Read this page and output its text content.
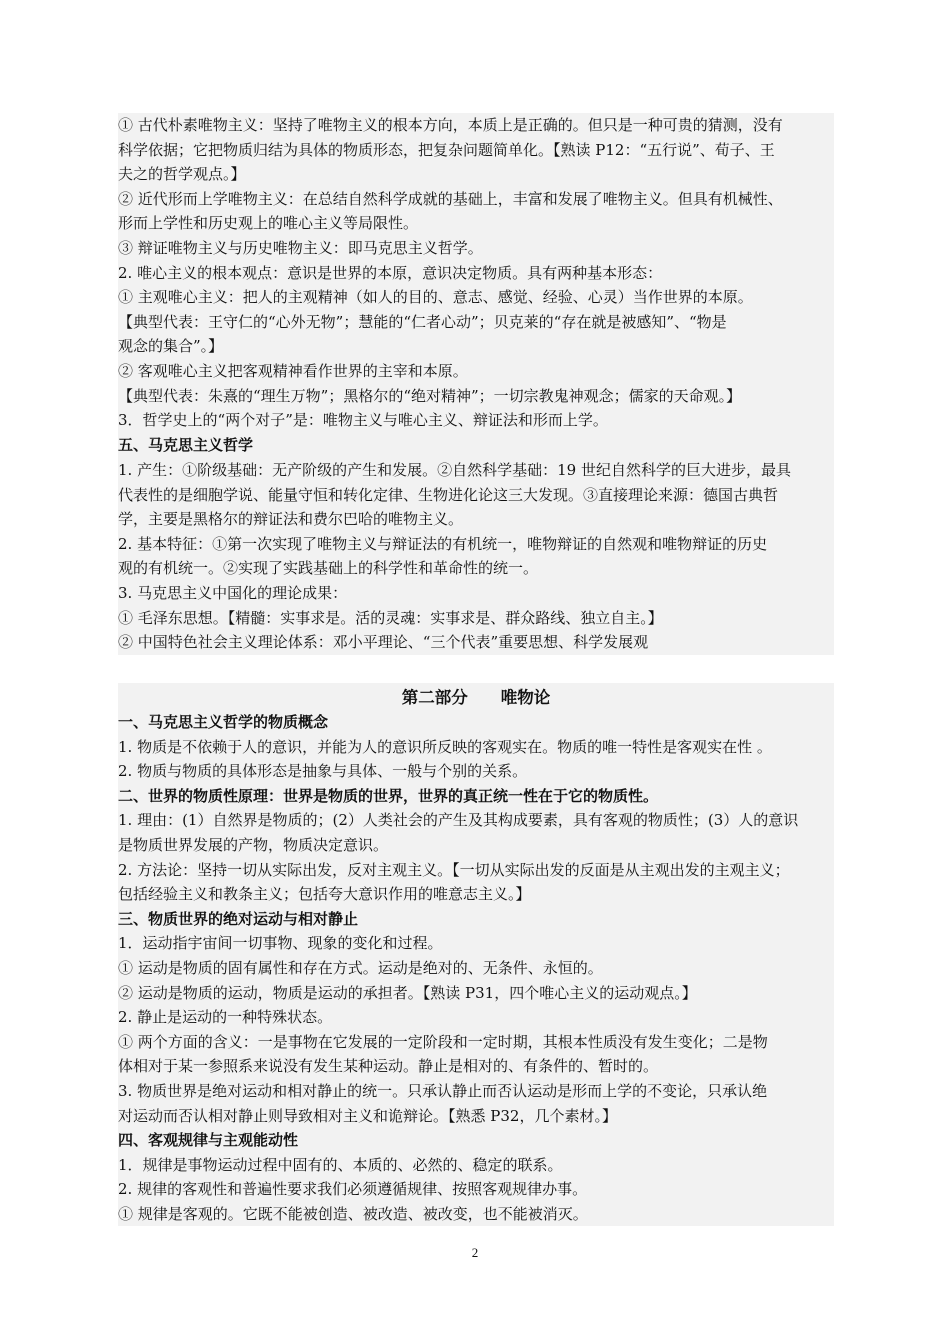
① 古代朴素唯物主义：坚持了唯物主义的根本方向，本质上是正确的。但只是一种可贵的猜测，没有
科学依据；它把物质归结为具体的物质形态，把复杂问题简单化。【熟读 P12：“五行说”、荀子、王
夫之的哲学观点。】
② 近代形而上学唯物主义：在总结自然科学成就的基础上，丰富和发展了唯物主义。但具有机械性、
形而上学性和历史观上的唯心主义等局限性。
③ 辩证唯物主义与历史唯物主义：即马克思主义哲学。
2. 唯心主义的根本观点：意识是世界的本原，意识决定物质。具有两种基本形态：
① 主观唯心主义：把人的主观精神（如人的目的、意志、感觉、经验、心灵）当作世界的本原。
【典型代表：王守仁的“心外无物”；慧能的“仁者心动”；贝克莱的“存在就是被感知”、“物是
观念的集合”。】
② 客观唯心主义把客观精神看作世界的主宰和本原。
【典型代表：朱熹的“理生万物”；黑格尔的“绝对精神”；一切宗教鬼神观念；儒家的天命观。】
3．哲学史上的“两个对子”是：唯物主义与唯心主义、辩证法和形而上学。
五、马克思主义哲学
1. 产生：①阶级基础：无产阶级的产生和发展。②自然科学基础：19 世纪自然科学的巨大进步，最具
代表性的是细胞学说、能量守恒和转化定律、生物进化论这三大发现。③直接理论来源：德国古典哲
学，主要是黑格尔的辩证法和费尔巴哈的唯物主义。
2. 基本特征：①第一次实现了唯物主义与辩证法的有机统一，唯物辩证的自然观和唯物辩证的历史
观的有机统一。②实现了实践基础上的科学性和革命性的统一。
3. 马克思主义中国化的理论成果：
① 毛泽东思想。【精髓：实事求是。活的灵魂：实事求是、群众路线、独立自主。】
② 中国特色社会主义理论体系：邓小平理论、“三个代表”重要思想、科学发展观
第二部分　　唯物论
一、马克思主义哲学的物质概念
1. 物质是不依赖于人的意识，并能为人的意识所反映的客观实在。物质的唯一特性是客观实在性 。
2. 物质与物质的具体形态是抽象与具体、一般与个别的关系。
二、世界的物质性原理：世界是物质的世界，世界的真正统一性在于它的物质性。
1. 理由：(1）自然界是物质的；(2）人类社会的产生及其构成要素，具有客观的物质性；(3）人的意识
是物质世界发展的产物，物质决定意识。
2. 方法论：坚持一切从实际出发，反对主观主义。【一切从实际出发的反面是从主观出发的主观主义；
包括经验主义和教条主义；包括夸大意识作用的唯意志主义。】
三、物质世界的绝对运动与相对静止
1．运动指宇宙间一切事物、现象的变化和过程。
① 运动是物质的固有属性和存在方式。运动是绝对的、无条件、永恒的。
② 运动是物质的运动，物质是运动的承担者。【熟读 P31，四个唯心主义的运动观点。】
2. 静止是运动的一种特殊状态。
① 两个方面的含义：一是事物在它发展的一定阶段和一定时期，其根本性质没有发生变化；二是物
体相对于某一参照系来说没有发生某种运动。静止是相对的、有条件的、暂时的。
3. 物质世界是绝对运动和相对静止的统一。只承认静止而否认运动是形而上学的不变论，只承认绝
对运动而否认相对静止则导致相对主义和诡辩论。【熟悉 P32，几个素材。】
四、客观规律与主观能动性
1．规律是事物运动过程中固有的、本质的、必然的、稳定的联系。
2. 规律的客观性和普遍性要求我们必须遵循规律、按照客观规律办事。
① 规律是客观的。它既不能被创造、被改造、被改变，也不能被消灭。
2
